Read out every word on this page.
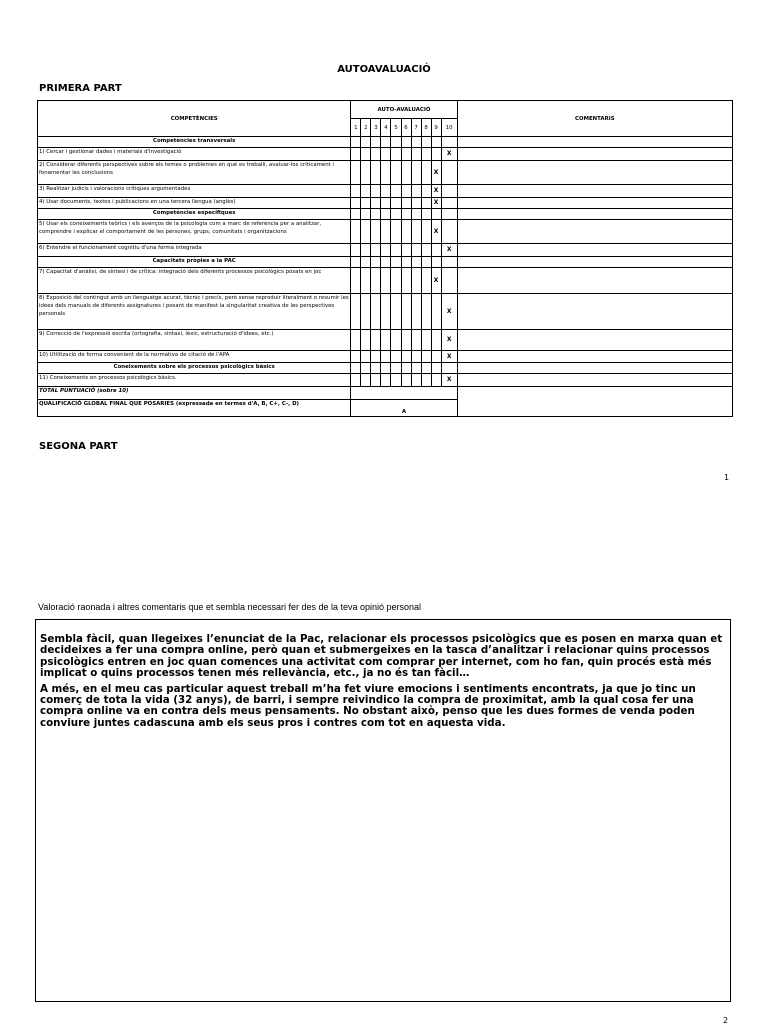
AUTOAVALUACIÓ
PRIMERA PART
COMPETÈNCIES	AUTO-AVALUACIÓ										COMENTARIS
	1	2	3	4	5	6	7	8	9	10	
Competències transversals											
1) Cercar i gestionar dades i materials d'investigació										X	
2) Considerar diferents perspectives sobre els temes o problemes en què es treballi, avaluar-los críticament i fonamentar les conclusions									X		
3) Realitzar judicis i valoracions crítiques argumentades									X		
4) Usar documents, textos i publicacions en una tercera llengua (anglès)									X		
Competències específiques											
5) Usar els coneixements teòrics i els avenços de la psicologia com a marc de referència per a analitzar, comprendre i explicar el comportament de les persones, grups, comunitats i organitzacions									X		
6) Entendre el funcionament cognitiu d'una forma integrada										X	
Capacitats pròpies a la PAC											
7) Capacitat d'anàlisi, de síntesi i de crítica: integració dels diferents processos psicològics posats en joc									X		
8) Exposició del contingut amb un llenguatge acurat, tècnic i precís, però sense reproduir literalment o resumir les idees dels manuals de diferents assignatures i posant de manifest la singularitat creativa de les perspectives personals										X	
9) Correcció de l'expressió escrita (ortografia, sintaxi, lèxic, estructuració d'idees, etc.)										X	
10) Utilització de forma convenient de la normativa de citació de l'APA										X	
Coneixements sobre els processos psicològics bàsics											
11) Coneixements en processos psicològics bàsics.										X	
TOTAL PUNTUACIÓ (sobre 10)											
QUALIFICACIÓ GLOBAL FINAL QUE POSARIES (expressada en termes d'A, B, C+, C-, D)	A										
SEGONA PART
1
Valoració raonada i altres comentaris que et sembla necessari fer des de la teva opinió personal

Sembla fàcil, quan llegeixes l’enunciat de la Pac, relacionar els processos psicològics que es posen en marxa quan et decideixes a fer una compra online, però quan et submergeixes en la tasca d’analitzar i relacionar quins processos psicològics entren en joc quan comences una activitat com comprar per internet, com ho fan, quin procés està més implicat o quins processos tenen més rellevància, etc., ja no és tan fàcil…

A més, en el meu cas particular aquest treball m’ha fet viure emocions i sentiments encontrats, ja que jo tinc un comerç de tota la vida (32 anys), de barri, i sempre reivindico la compra de proximitat, amb la qual cosa fer una compra online va en contra dels meus pensaments. No obstant això, penso que les dues formes de venda poden conviure juntes cadascuna amb els seus pros i contres com tot en aquesta vida.

2
